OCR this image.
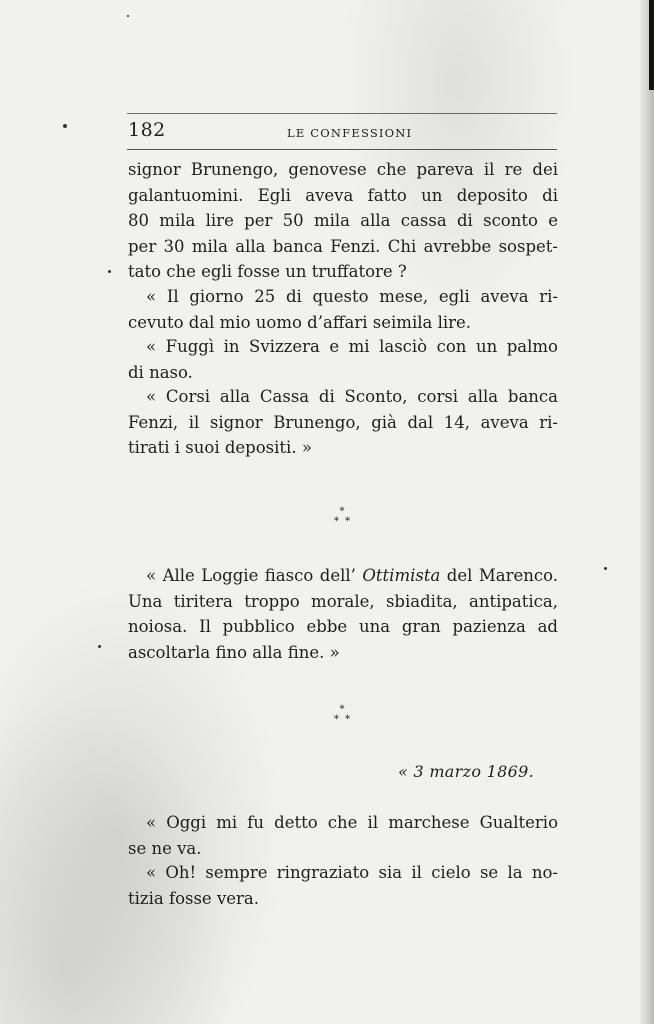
182	LE CONFESSIONI
signor Brunengo, genovese che pareva il re dei
galantuomini. Egli aveva fatto un deposito di
80 mila lire per 50 mila alla cassa di sconto e
per 30 mila alla banca Fenzi. Chi avrebbe sospet-
tato che egli fosse un truffatore ?
« Il giorno 25 di questo mese, egli aveva ri-
cevuto dal mio uomo d’affari seimila lire.
« Fuggì in Svizzera e mi lasciò con un palmo
di naso.
« Corsi alla Cassa di Sconto, corsi alla banca
Fenzi, il signor Brunengo, già dal 14, aveva ri-
tirati i suoi depositi. »
*
* *
« Alle Loggie fiasco dell’ Ottimista del Marenco.
Una tiritera troppo morale, sbiadita, antipatica,
noiosa. Il pubblico ebbe una gran pazienza ad
ascoltarla fino alla fine. »
*
* *
« 3 marzo 1869.
« Oggi mi fu detto che il marchese Gualterio
se ne va.
« Oh! sempre ringraziato sia il cielo se la no-
tizia fosse vera.
